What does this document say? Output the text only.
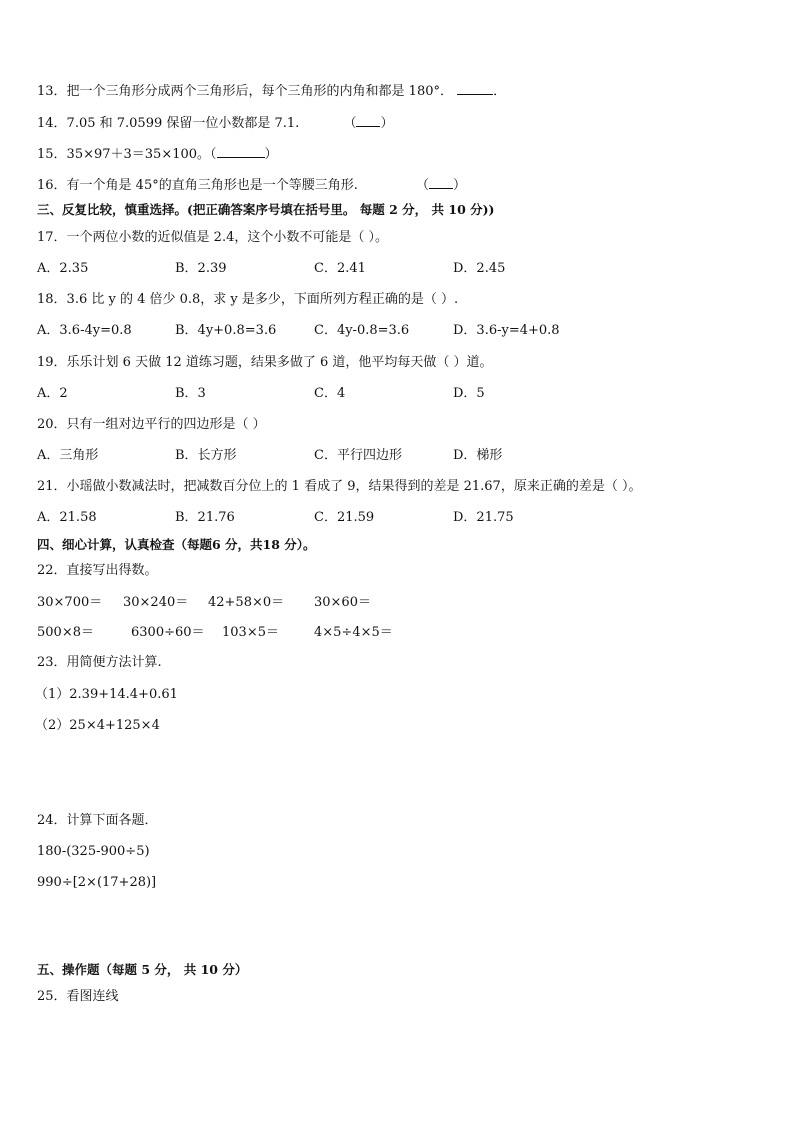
13．把一个三角形分成两个三角形后，每个三角形的内角和都是 180°．	．
14．7.05 和 7.0599 保留一位小数都是 7.1.	（ ）
15．35×97＋3＝35×100。（	）
16．有一个角是 45°的直角三角形也是一个等腰三角形.	（ ）
三、反复比较，慎重选择。(把正确答案序号填在括号里。 每题 2 分， 共 10 分))
17．一个两位小数的近似值是 2.4，这个小数不可能是（ ）。
A．2.35	B．2.39	C．2.41	D．2.45
18．3.6 比 y 的 4 倍少 0.8，求 y 是多少，下面所列方程正确的是（ ）.
A．3.6-4y=0.8	B．4y+0.8=3.6	C．4y-0.8=3.6	D．3.6-y=4+0.8
19．乐乐计划 6 天做 12 道练习题，结果多做了 6 道，他平均每天做（ ）道。
A．2	B．3	C．4	D．5
20．只有一组对边平行的四边形是（ ）
A．三角形	B．长方形	C．平行四边形	D．梯形
21．小瑶做小数减法时，把减数百分位上的 1 看成了 9，结果得到的差是 21.67，原来正确的差是（ ）。
A．21.58	B．21.76	C．21.59	D．21.75
四、细心计算，认真检查（每题6 分，共18 分）。
22．直接写出得数。
30×700＝ 30×240＝ 42+58×0＝ 30×60＝
500×8＝	6300÷60＝ 103×5＝	4×5÷4×5＝
23．用简便方法计算.
（1）2.39+14.4+0.61
（2）25×4+125×4
24．计算下面各题．
180-(325-900÷5)
990÷[2×(17+28)]
五、操作题（每题 5 分， 共 10 分）
25．看图连线
